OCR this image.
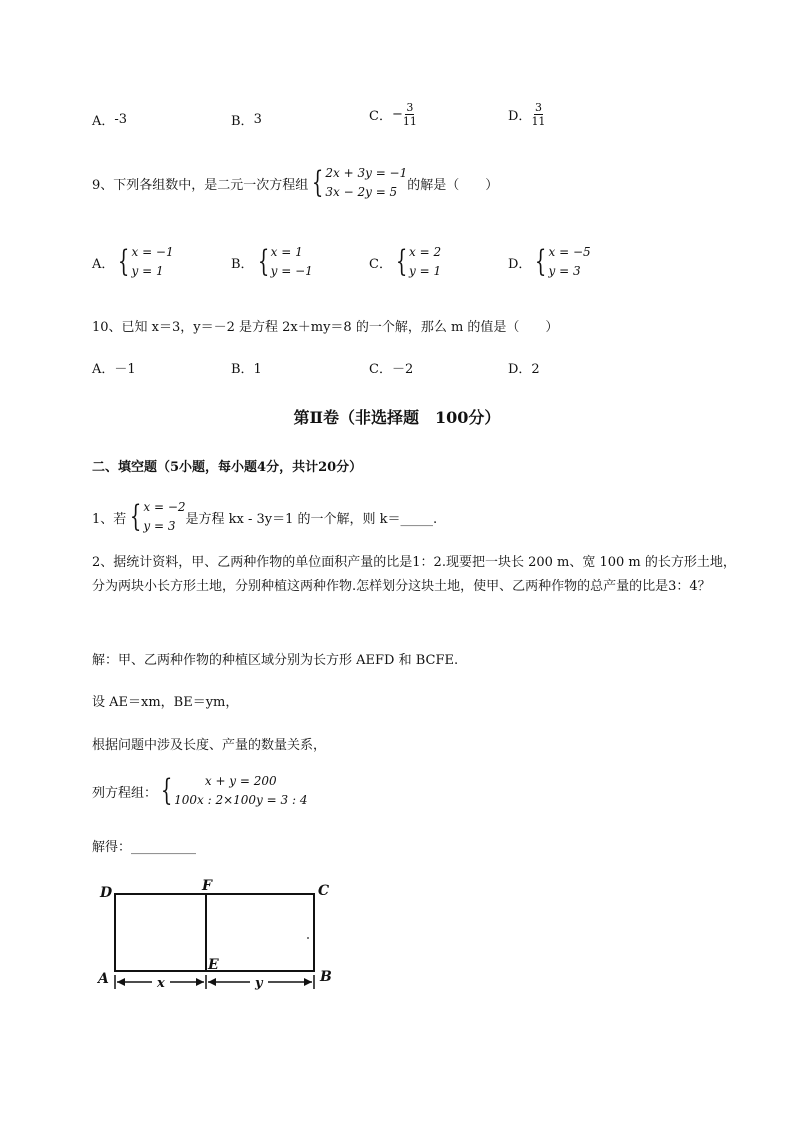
A． -3	B． 3	C． − $\frac{3}{11}$	D． $\frac{3}{11}$
9、下列各组数中，是二元一次方程组 { 2x + 3y = −1
3x − 2y = 5 的解是（　　）
A． { x = −1
y = 1	B． { x = 1
y = −1	C． { x = 2
y = 1	D． { x = −5
y = 3
10、已知 x＝3，y＝－2 是方程 2x＋my＝8 的一个解，那么 m 的值是（　　）
A．－1	B．1	C．－2	D．2
第Ⅱ卷（非选择题　100分）
二、填空题（5小题，每小题4分，共计20分）
1、若 { x = −2
y = 3 是方程 kx - 3y＝1 的一个解，则 k＝_____.
2、据统计资料，甲、乙两种作物的单位面积产量的比是1：2.现要把一块长 200 m、宽 100 m 的长方形土地，分为两块小长方形土地，分别种植这两种作物.怎样划分这块土地，使甲、乙两种作物的总产量的比是3：4？
解：甲、乙两种作物的种植区域分别为长方形 AEFD 和 BCFE.
设 AE＝xm，BE＝ym，
根据问题中涉及长度、产量的数量关系，
列方程组： {	x + y = 200
100x : 2×100y = 3 : 4
解得：__________
D	F	C
A
E
B
x	y
